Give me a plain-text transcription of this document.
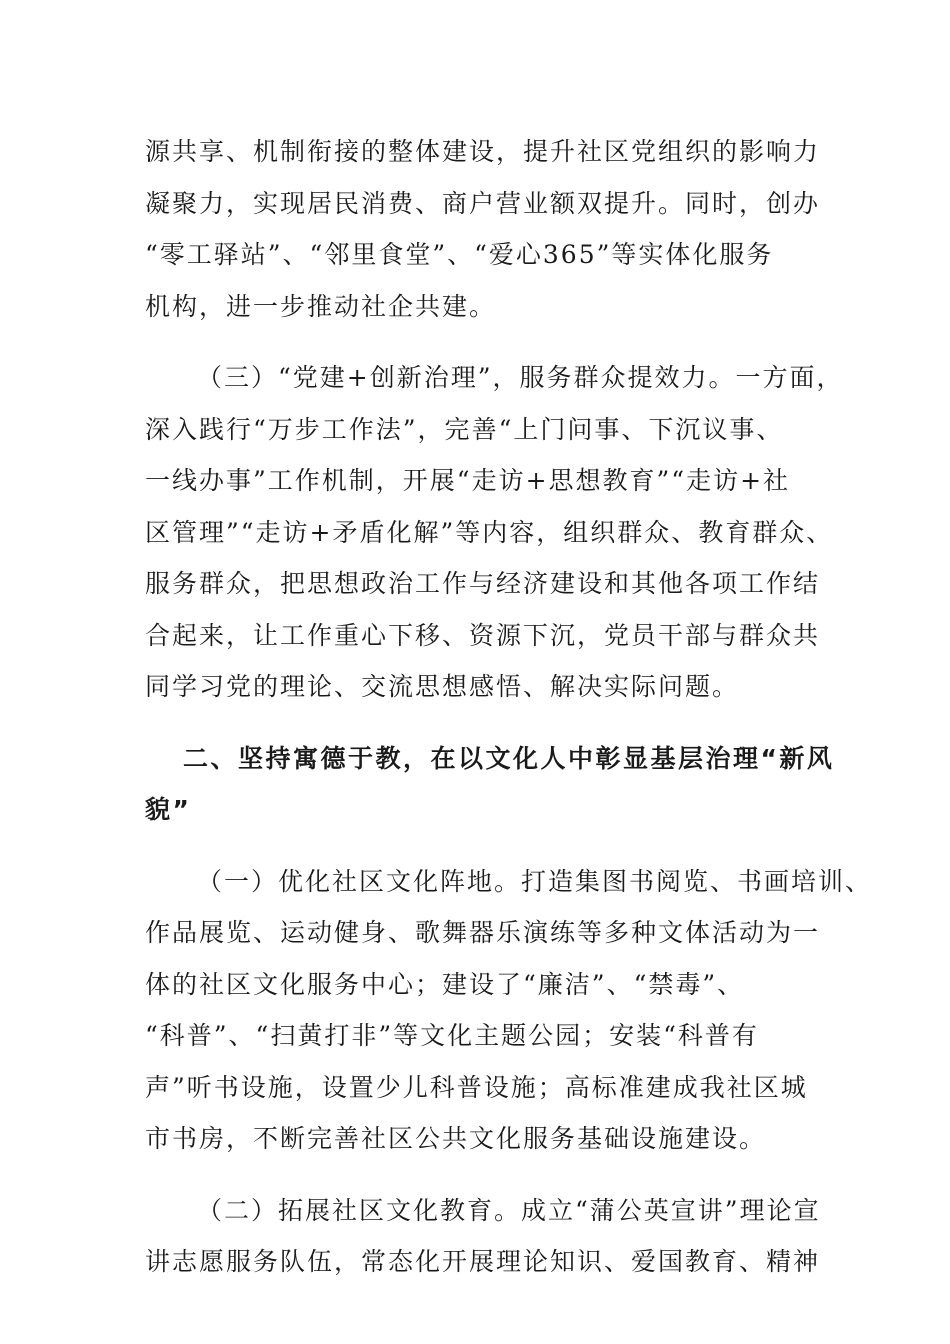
源共享、机制衔接的整体建设，提升社区党组织的影响力
凝聚力，实现居民消费、商户营业额双提升。同时，创办
“零工驿站”、“邻里食堂”、“爱心365”等实体化服务
机构，进一步推动社企共建。

（三）“党建+创新治理”，服务群众提效力。一方面，
深入践行“万步工作法”，完善“上门问事、下沉议事、
一线办事”工作机制，开展“走访+思想教育”“走访+社
区管理”“走访+矛盾化解”等内容，组织群众、教育群众、
服务群众，把思想政治工作与经济建设和其他各项工作结
合起来，让工作重心下移、资源下沉，党员干部与群众共
同学习党的理论、交流思想感悟、解决实际问题。

二、坚持寓德于教，在以文化人中彰显基层治理“新风
貌”

（一）优化社区文化阵地。打造集图书阅览、书画培训、
作品展览、运动健身、歌舞器乐演练等多种文体活动为一
体的社区文化服务中心；建设了“廉洁”、“禁毒”、
“科普”、“扫黄打非”等文化主题公园；安装“科普有
声”听书设施，设置少儿科普设施；高标准建成我社区城
市书房，不断完善社区公共文化服务基础设施建设。

（二）拓展社区文化教育。成立“蒲公英宣讲”理论宣
讲志愿服务队伍，常态化开展理论知识、爱国教育、精神
